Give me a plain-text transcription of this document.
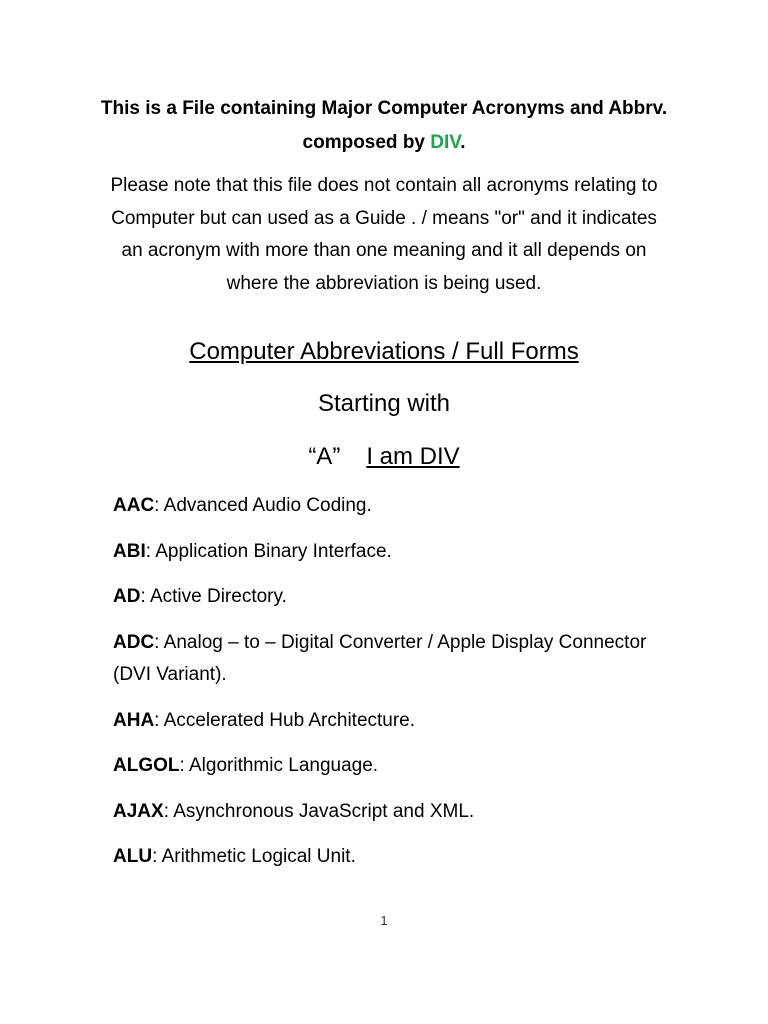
This is a File containing Major Computer Acronyms and Abbrv. composed by DIV.
Please note that this file does not contain all acronyms relating to Computer but can used as a Guide . / means "or" and it indicates an acronym with more than one meaning and it all depends on where the abbreviation is being used.
Computer Abbreviations / Full Forms
Starting with
“A” I am DIV
AAC: Advanced Audio Coding.
ABI: Application Binary Interface.
AD: Active Directory.
ADC: Analog – to – Digital Converter / Apple Display Connector (DVI Variant).
AHA: Accelerated Hub Architecture.
ALGOL: Algorithmic Language.
AJAX: Asynchronous JavaScript and XML.
ALU: Arithmetic Logical Unit.
1
